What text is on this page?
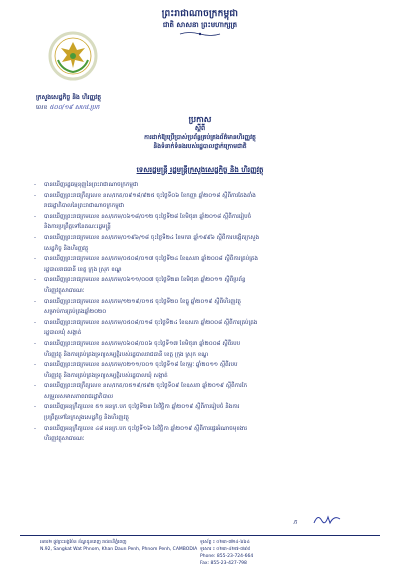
ព្រះរាជាណាចក្រកម្ពុជា
ជាតិ សាសនា ព្រះមហាក្សត្រ
ក្រសួងសេដ្ឋកិច្ច និង ហិរញ្ញវត្ថុ
លេខ ៥០០/១៩ សហវ.ប្រក
ប្រកាស
ស្តីពី
ការដាក់ឱ្យប្រើប្រាស់ប្រព័ន្ធគ្រប់គ្រងព័ត៌មានហិរញ្ញវត្ថុ
និងទំនាក់ទំនងរបស់រដ្ឋបាលថ្នាក់ក្រោមជាតិ
ទេសរដ្ឋមន្ត្រី រដ្ឋមន្ត្រីក្រសួងសេដ្ឋកិច្ច និង ហិរញ្ញវត្ថុ
- បានឃើញរដ្ឋធម្មនុញ្ញនៃព្រះរាជាណាចក្រកម្ពុជា
- បានឃើញព្រះរាជក្រឹត្យលេខ នស/រកត/០៩១៨/៩២៥ ចុះថ្ងៃទី០៦ ខែកញ្ញា ឆ្នាំ២០១៨ ស្តីពីការតែងតាំង
រាជរដ្ឋាភិបាលនៃព្រះរាជាណាចក្រកម្ពុជា
- បានឃើញព្រះរាជក្រមលេខ នស/រកម/០៦១៨/០១២ ចុះថ្ងៃទី២៨ ខែមិថុនា ឆ្នាំ២០១៨ ស្តីពីការរៀបចំ
និងការប្រព្រឹត្តទៅនៃគណៈរដ្ឋមន្ត្រី
- បានឃើញព្រះរាជក្រមលេខ នស/រកម/០១៩៦/១៨ ចុះថ្ងៃទី២៤ ខែមករា ឆ្នាំ១៩៩៦ ស្តីពីការបង្កើតក្រសួង
សេដ្ឋកិច្ច និងហិរញ្ញវត្ថុ
- បានឃើញព្រះរាជក្រមលេខ នស/រកម/០៥០៨/០១៧ ចុះថ្ងៃទី២៤ ខែឧសភា ឆ្នាំ២០០៨ ស្តីពីការគ្រប់គ្រង
រដ្ឋបាលរាជធានី ខេត្ត ក្រុង ស្រុក ខណ្ឌ
- បានឃើញព្រះរាជក្រមលេខ នស/រកម/០៦១១/០០៧ ចុះថ្ងៃទី២៣ ខែមិថុនា ឆ្នាំ២០១១ ស្តីពីប្រព័ន្ធ
ហិរញ្ញវត្ថុសាធារណៈ
- បានឃើញព្រះរាជក្រមលេខ នស/រកម/១២១៩/០១៥ ចុះថ្ងៃទី២០ ខែធ្នូ ឆ្នាំ២០១៩ ស្តីពីហិរញ្ញវត្ថុ
សម្រាប់ការគ្រប់គ្រងឆ្នាំ២០២០
- បានឃើញព្រះរាជក្រមលេខ នស/រកម/០៥០៨/០១៨ ចុះថ្ងៃទី២៤ ខែឧសភា ឆ្នាំ២០០៨ ស្តីពីការគ្រប់គ្រង
រដ្ឋបាលឃុំ សង្កាត់
- បានឃើញព្រះរាជក្រមលេខ នស/រកម/០៦០៨/០០៦ ចុះថ្ងៃទី១៧ ខែមិថុនា ឆ្នាំ២០០៨ ស្តីពីរបប
ហិរញ្ញវត្ថុ និងការគ្រប់គ្រងទ្រព្យសម្បត្តិរបស់រដ្ឋបាលរាជធានី ខេត្ត ក្រុង ស្រុក ខណ្ឌ
- បានឃើញព្រះរាជក្រមលេខ នស/រកម/០២១១/០០១ ចុះថ្ងៃទី១៨ ខែកុម្ភៈ ឆ្នាំ២០១១ ស្តីពីរបប
ហិរញ្ញវត្ថុ និងការគ្រប់គ្រងទ្រព្យសម្បត្តិរបស់រដ្ឋបាលឃុំ សង្កាត់
- បានឃើញព្រះរាជក្រឹត្យលេខ នស/រកត/០៥១៩/៥៩២ ចុះថ្ងៃទី០៩ ខែឧសភា ឆ្នាំ២០១៩ ស្តីពីការកែ
សម្រួលសមាសភាពរាជរដ្ឋាភិបាល
- បានឃើញអនុក្រឹត្យលេខ ៥១ អនក្រ.បក ចុះថ្ងៃទី២៣ ខែវិច្ឆិកា ឆ្នាំ២០១៩ ស្តីពីការរៀបចំ និងការ
ប្រព្រឹត្តទៅនៃក្រសួងសេដ្ឋកិច្ច និងហិរញ្ញវត្ថុ
- បានឃើញអនុក្រឹត្យលេខ ៤៨ អនក្រ.បក ចុះថ្ងៃទី១៦ ខែវិច្ឆិកា ឆ្នាំ២០១៩ ស្តីពីការផ្ទេរអំណាចមុខងារ
ហិរញ្ញវត្ថុសាធារណៈ
ក
អគារ២ ផ្លូវព្រះអង្គម៉ែន ខ័ណ្ឌដូនពេញ រាជធានីភ្នំពេញ
N.92, Sangkat Wat Phnom, Khan Daun Penh, Phnom Penh, CAMBODIA
ទូរស័ព្ទ ៖ ០២៣-៧២៤-៦៦៤
ទូរសារ ៖ ០២៣-៤២៧-៧៩៨
Phone: 855-23-724-664
Fax: 855-23-427-798
